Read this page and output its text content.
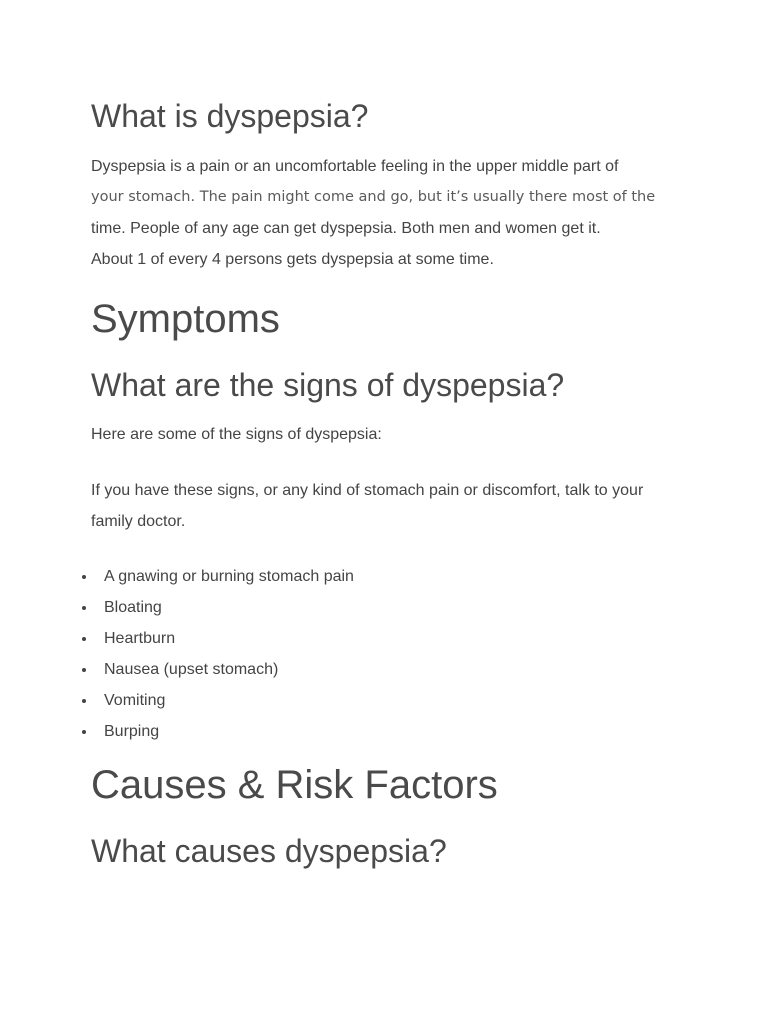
What is dyspepsia?

Dyspepsia is a pain or an uncomfortable feeling in the upper middle part of
your stomach. The pain might come and go, but it’s usually there most of the
time. People of any age can get dyspepsia. Both men and women get it.
About 1 of every 4 persons gets dyspepsia at some time.

Symptoms
What are the signs of dyspepsia?

Here are some of the signs of dyspepsia:

If you have these signs, or any kind of stomach pain or discomfort, talk to your
family doctor.

A gnawing or burning stomach pain
Bloating
Heartburn
Nausea (upset stomach)
Vomiting
Burping
Causes & Risk Factors
What causes dyspepsia?
